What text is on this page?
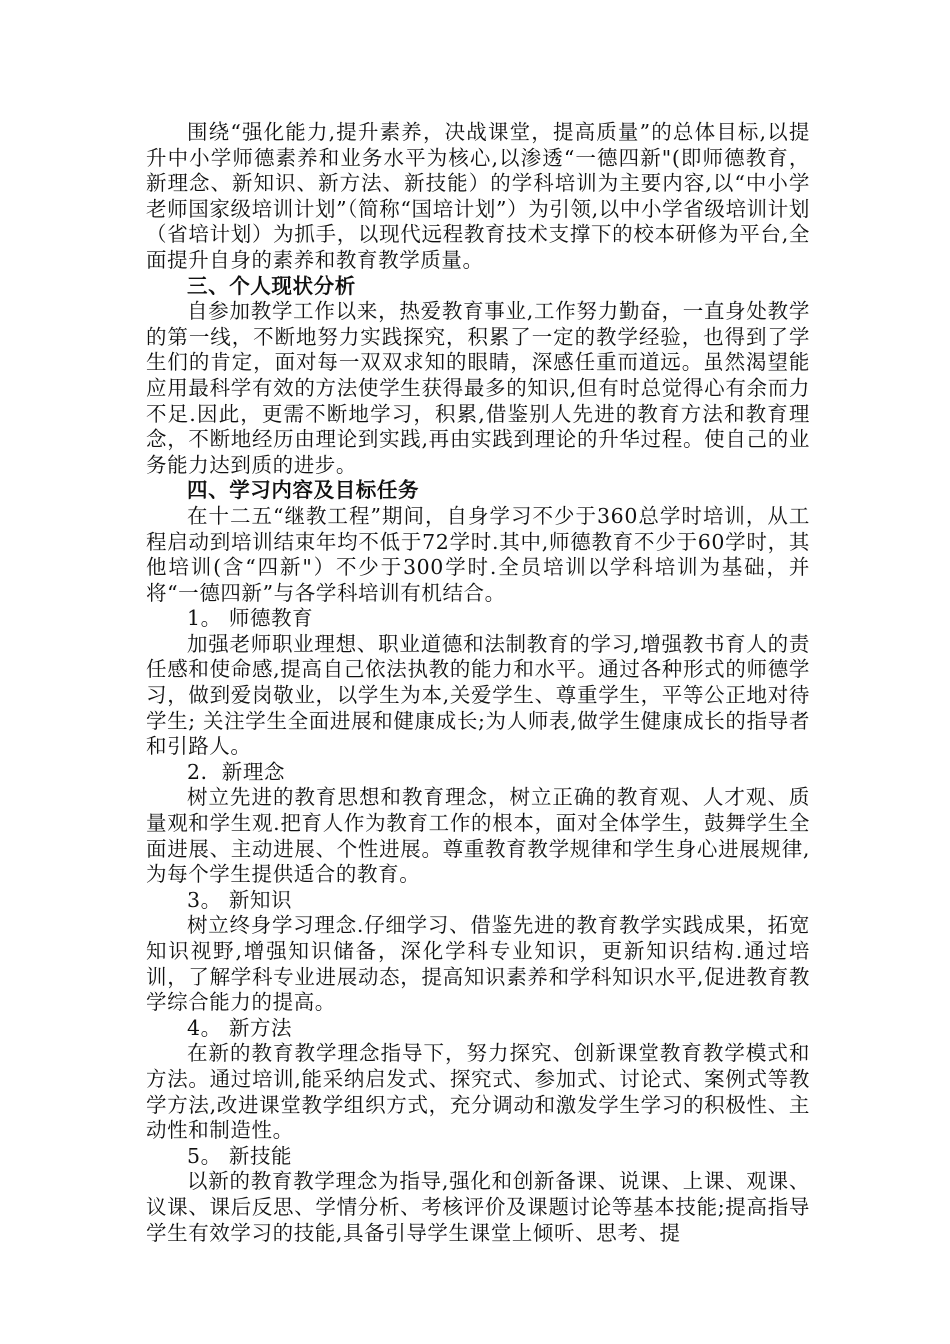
围绕“强化能力,提升素养，决战课堂，提高质量”的总体目标,以提升中小学师德素养和业务水平为核心,以渗透“一德四新"(即师德教育，新理念、新知识、新方法、新技能）的学科培训为主要内容,以“中小学老师国家级培训计划”（简称“国培计划”）为引领,以中小学省级培训计划（省培计划）为抓手，以现代远程教育技术支撑下的校本研修为平台,全面提升自身的素养和教育教学质量。

三、个人现状分析

自参加教学工作以来，热爱教育事业,工作努力勤奋，一直身处教学的第一线，不断地努力实践探究，积累了一定的教学经验，也得到了学生们的肯定，面对每一双双求知的眼睛，深感任重而道远。虽然渴望能应用最科学有效的方法使学生获得最多的知识,但有时总觉得心有余而力不足.因此，更需不断地学习，积累,借鉴别人先进的教育方法和教育理念，不断地经历由理论到实践,再由实践到理论的升华过程。使自己的业务能力达到质的进步。

四、学习内容及目标任务

在十二五“继教工程”期间，自身学习不少于360总学时培训，从工程启动到培训结束年均不低于72学时.其中,师德教育不少于60学时，其他培训(含“四新"）不少于300学时.全员培训以学科培训为基础，并将“一德四新”与各学科培训有机结合。

1。 师德教育

加强老师职业理想、职业道德和法制教育的学习,增强教书育人的责任感和使命感,提高自己依法执教的能力和水平。通过各种形式的师德学习，做到爱岗敬业，以学生为本,关爱学生、尊重学生，平等公正地对待学生; 关注学生全面进展和健康成长;为人师表,做学生健康成长的指导者和引路人。

2．新理念

树立先进的教育思想和教育理念，树立正确的教育观、人才观、质量观和学生观.把育人作为教育工作的根本，面对全体学生，鼓舞学生全面进展、主动进展、个性进展。尊重教育教学规律和学生身心进展规律,为每个学生提供适合的教育。

3。 新知识

树立终身学习理念.仔细学习、借鉴先进的教育教学实践成果，拓宽知识视野,增强知识储备，深化学科专业知识，更新知识结构.通过培训，了解学科专业进展动态，提高知识素养和学科知识水平,促进教育教学综合能力的提高。

4。 新方法

在新的教育教学理念指导下，努力探究、创新课堂教育教学模式和方法。通过培训,能采纳启发式、探究式、参加式、讨论式、案例式等教学方法,改进课堂教学组织方式，充分调动和激发学生学习的积极性、主动性和制造性。

5。 新技能

以新的教育教学理念为指导,强化和创新备课、说课、上课、观课、议课、课后反思、学情分析、考核评价及课题讨论等基本技能;提高指导学生有效学习的技能,具备引导学生课堂上倾听、思考、提
